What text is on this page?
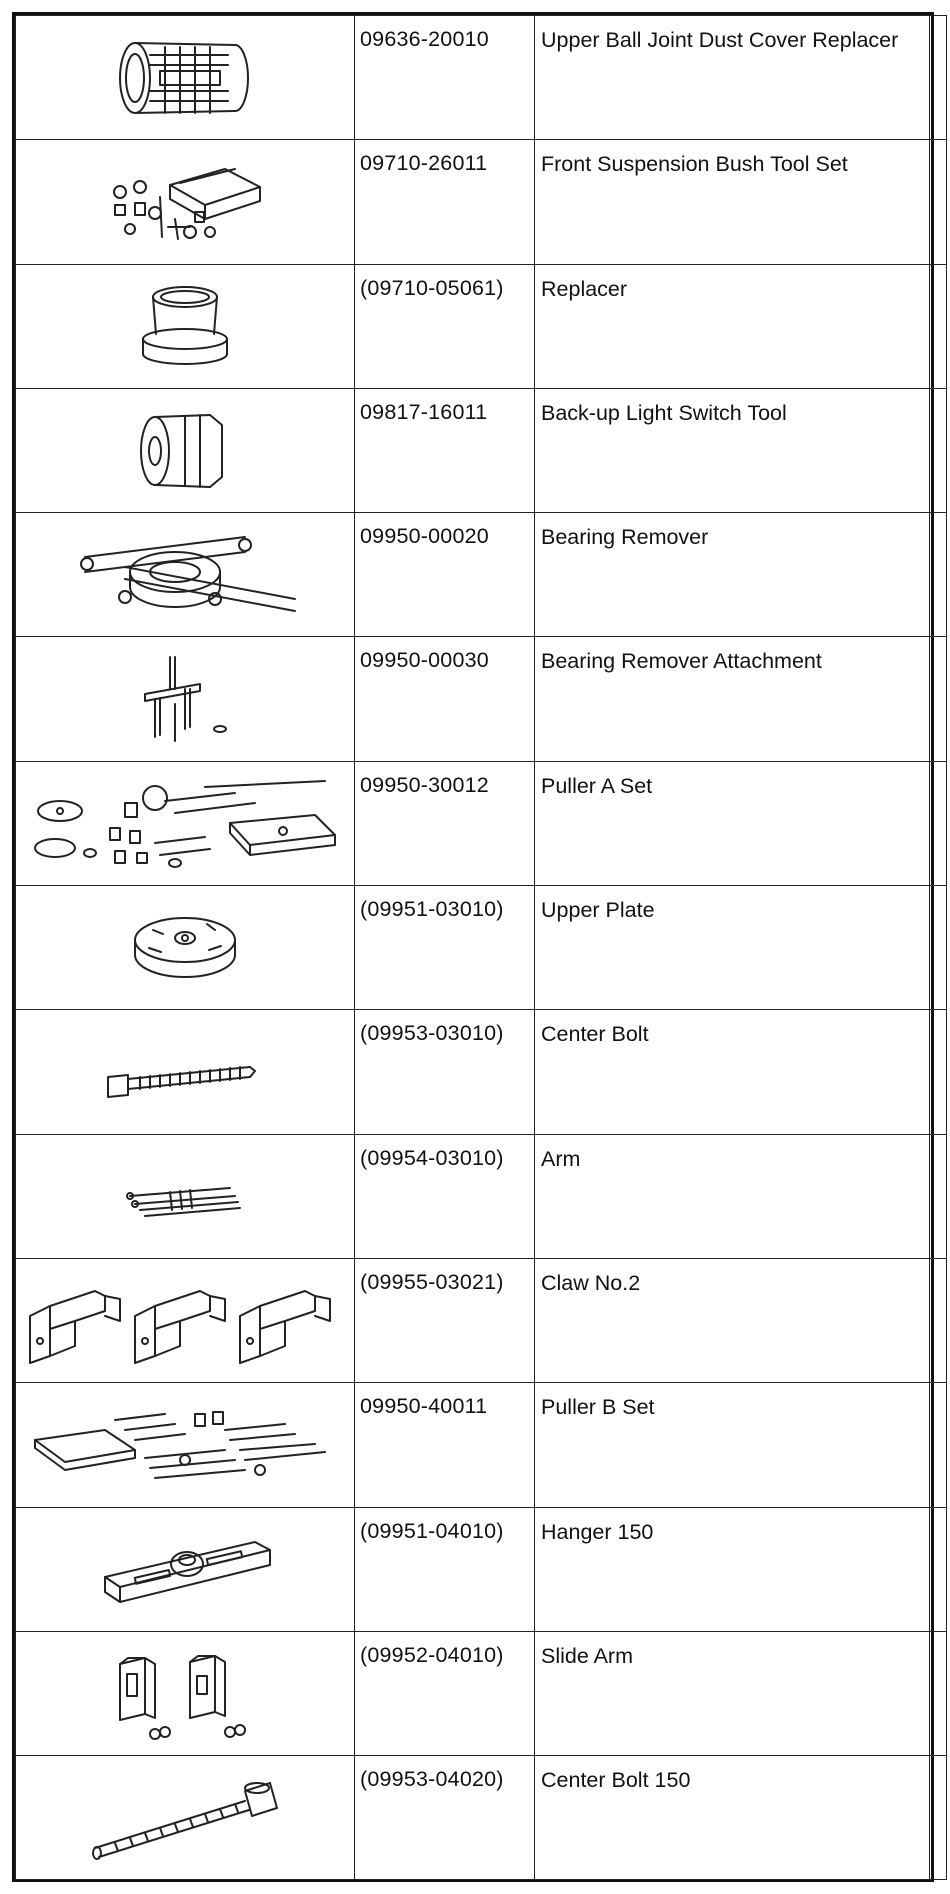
	09636-20010	Upper Ball Joint Dust Cover Replacer	

	09710-26011	Front Suspension Bush Tool Set	

	(09710-05061)	Replacer	

	09817-16011	Back-up Light Switch Tool	

	09950-00020	Bearing Remover	

	09950-00030	Bearing Remover Attachment	

	09950-30012	Puller A Set	

	(09951-03010)	Upper Plate	

	(09953-03010)	Center Bolt	

	(09954-03010)	Arm	

	(09955-03021)	Claw No.2	

	09950-40011	Puller B Set	

	(09951-04010)	Hanger 150	

	(09952-04010)	Slide Arm	

	(09953-04020)	Center Bolt 150	
